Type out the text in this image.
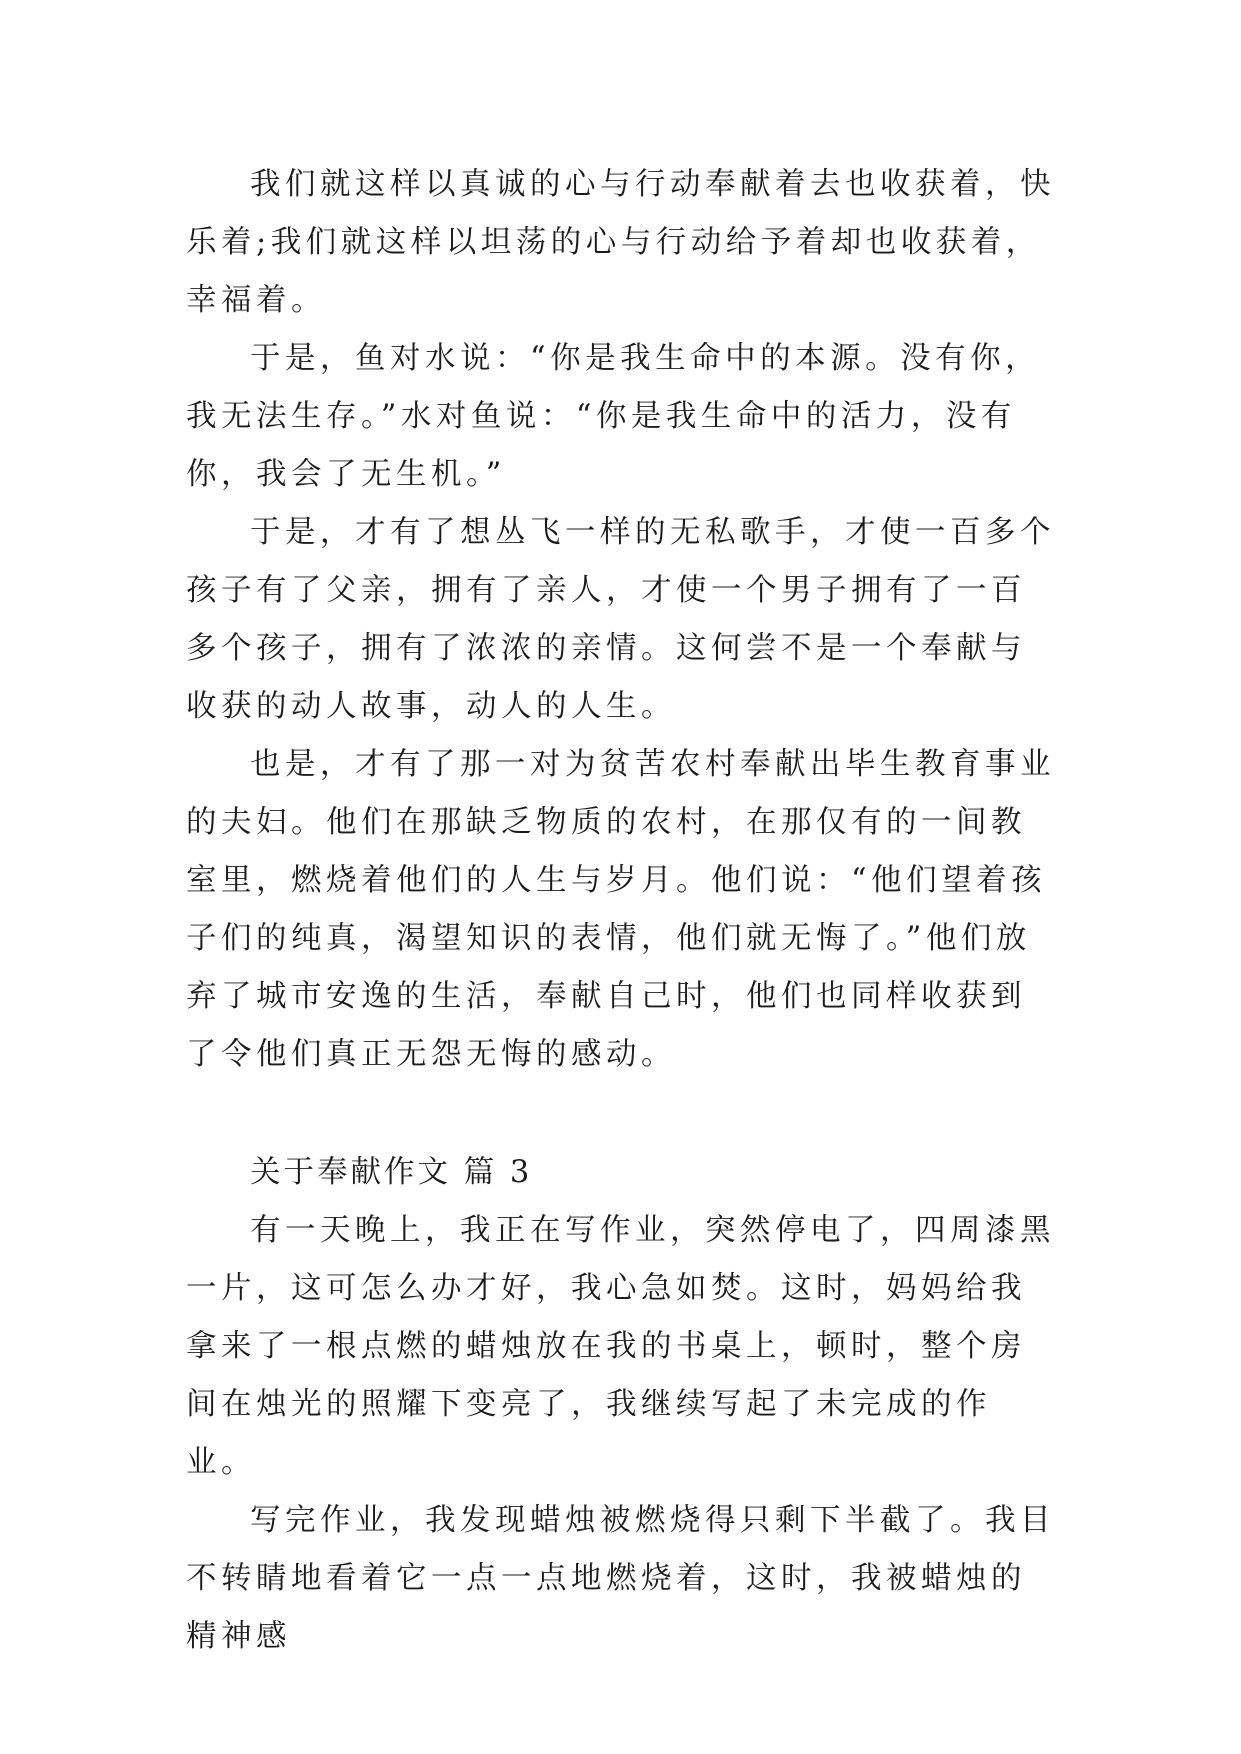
我们就这样以真诚的心与行动奉献着去也收获着，快乐着;我们就这样以坦荡的心与行动给予着却也收获着，幸福着。

于是，鱼对水说：“你是我生命中的本源。没有你，我无法生存。”水对鱼说：“你是我生命中的活力，没有你，我会了无生机。”

于是，才有了想丛飞一样的无私歌手，才使一百多个孩子有了父亲，拥有了亲人，才使一个男子拥有了一百多个孩子，拥有了浓浓的亲情。这何尝不是一个奉献与收获的动人故事，动人的人生。

也是，才有了那一对为贫苦农村奉献出毕生教育事业的夫妇。他们在那缺乏物质的农村，在那仅有的一间教室里，燃烧着他们的人生与岁月。他们说：“他们望着孩子们的纯真，渴望知识的表情，他们就无悔了。”他们放弃了城市安逸的生活，奉献自己时，他们也同样收获到了令他们真正无怨无悔的感动。

关于奉献作文 篇 3

有一天晚上，我正在写作业，突然停电了，四周漆黑一片，这可怎么办才好，我心急如焚。这时，妈妈给我拿来了一根点燃的蜡烛放在我的书桌上，顿时，整个房间在烛光的照耀下变亮了，我继续写起了未完成的作业。

写完作业，我发现蜡烛被燃烧得只剩下半截了。我目不转睛地看着它一点一点地燃烧着，这时，我被蜡烛的精神感
